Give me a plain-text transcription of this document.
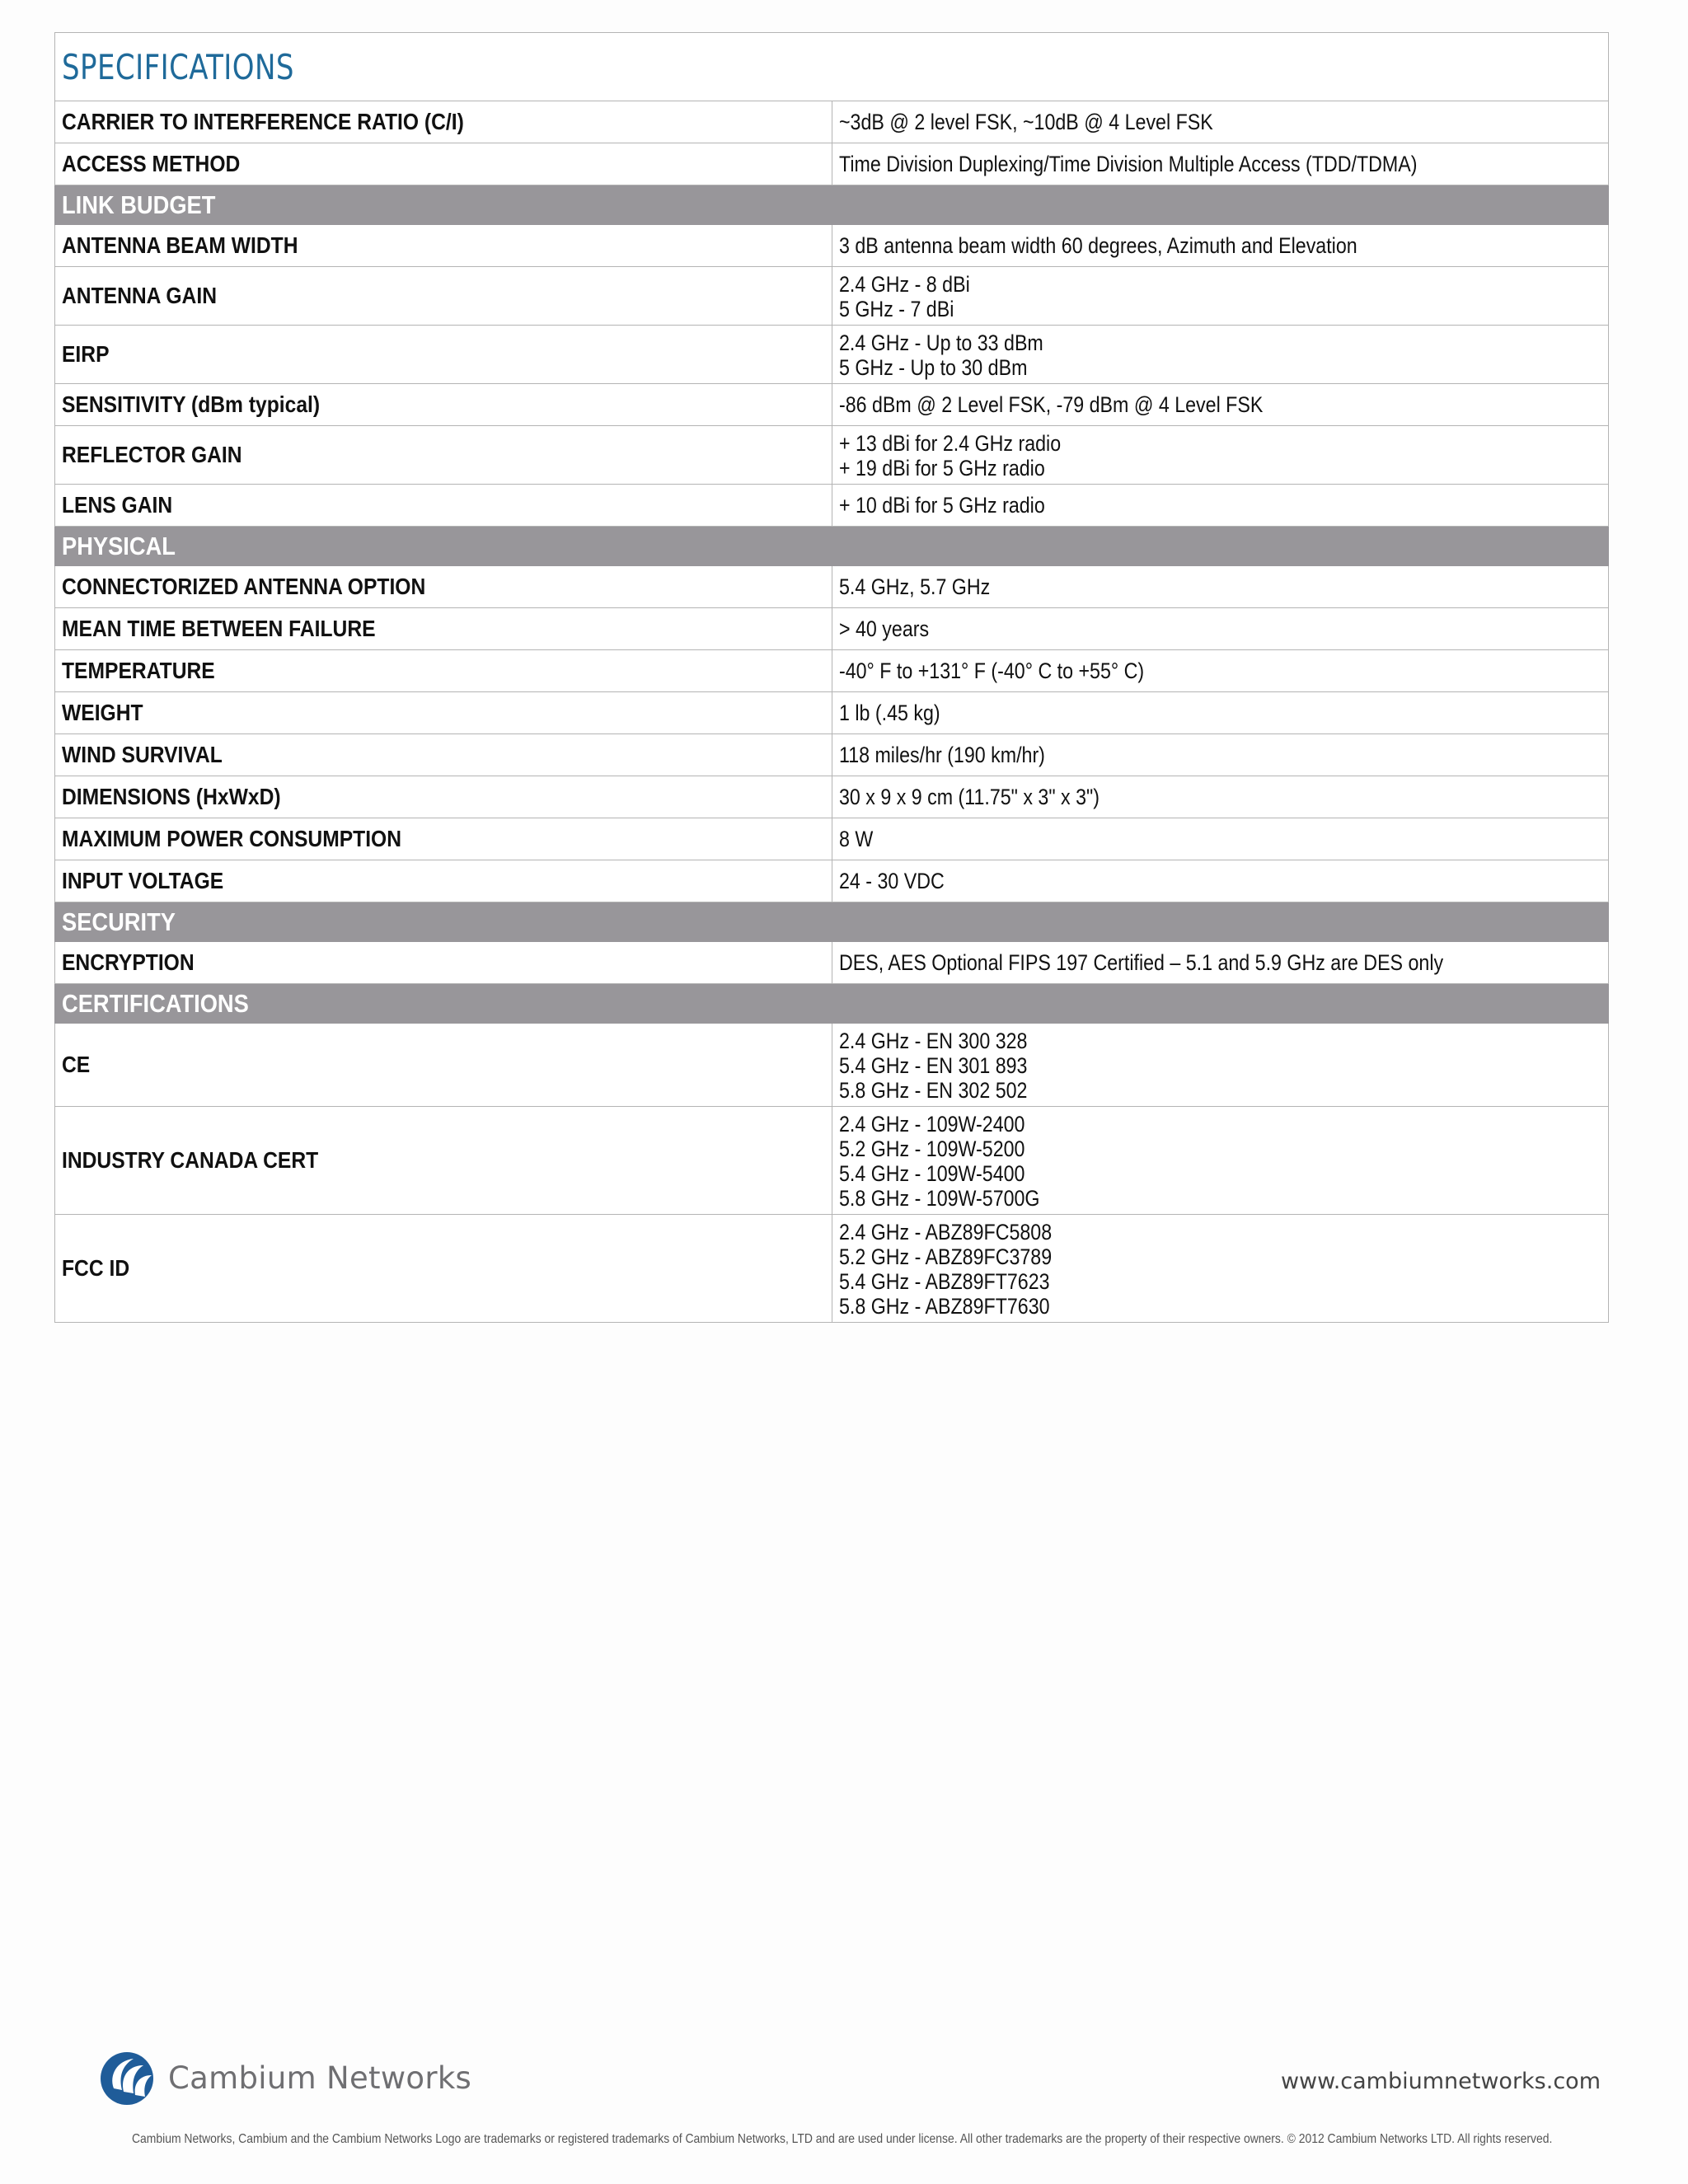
SPECIFICATIONS	
CARRIER TO INTERFERENCE RATIO (C/I)	~3dB @ 2 level FSK, ~10dB @ 4 Level FSK

ACCESS METHOD	Time Division Duplexing/Time Division Multiple Access (TDD/TDMA)

LINK BUDGET	
ANTENNA BEAM WIDTH	3 dB antenna beam width 60 degrees, Azimuth and Elevation

ANTENNA GAIN	2.4 GHz - 8 dBi
5 GHz - 7 dBi

EIRP	2.4 GHz - Up to 33 dBm
5 GHz - Up to 30 dBm

SENSITIVITY (dBm typical)	-86 dBm @ 2 Level FSK, -79 dBm @ 4 Level FSK

REFLECTOR GAIN	+ 13 dBi for 2.4 GHz radio
+ 19 dBi for 5 GHz radio

LENS GAIN	+ 10 dBi for 5 GHz radio

PHYSICAL	
CONNECTORIZED ANTENNA OPTION	5.4 GHz, 5.7 GHz

MEAN TIME BETWEEN FAILURE	> 40 years

TEMPERATURE	-40° F to +131° F (-40° C to +55° C)

WEIGHT	1 lb (.45 kg)

WIND SURVIVAL	118 miles/hr (190 km/hr)

DIMENSIONS (HxWxD)	30 x 9 x 9 cm (11.75" x 3" x 3")

MAXIMUM POWER CONSUMPTION	8 W

INPUT VOLTAGE	24 - 30 VDC

SECURITY	
ENCRYPTION	DES, AES Optional FIPS 197 Certified – 5.1 and 5.9 GHz are DES only

CERTIFICATIONS	
CE	2.4 GHz - EN 300 328
5.4 GHz - EN 301 893
5.8 GHz - EN 302 502

INDUSTRY CANADA CERT	2.4 GHz - 109W-2400
5.2 GHz - 109W-5200
5.4 GHz - 109W-5400
5.8 GHz - 109W-5700G

FCC ID	2.4 GHz - ABZ89FC5808
5.2 GHz - ABZ89FC3789
5.4 GHz - ABZ89FT7623
5.8 GHz - ABZ89FT7630
Cambium Networks	www.cambiumnetworks.com
Cambium Networks, Cambium and the Cambium Networks Logo are trademarks or registered trademarks of Cambium Networks, LTD and are used under license. All other trademarks are the property of their respective owners. © 2012 Cambium Networks LTD. All rights reserved.
